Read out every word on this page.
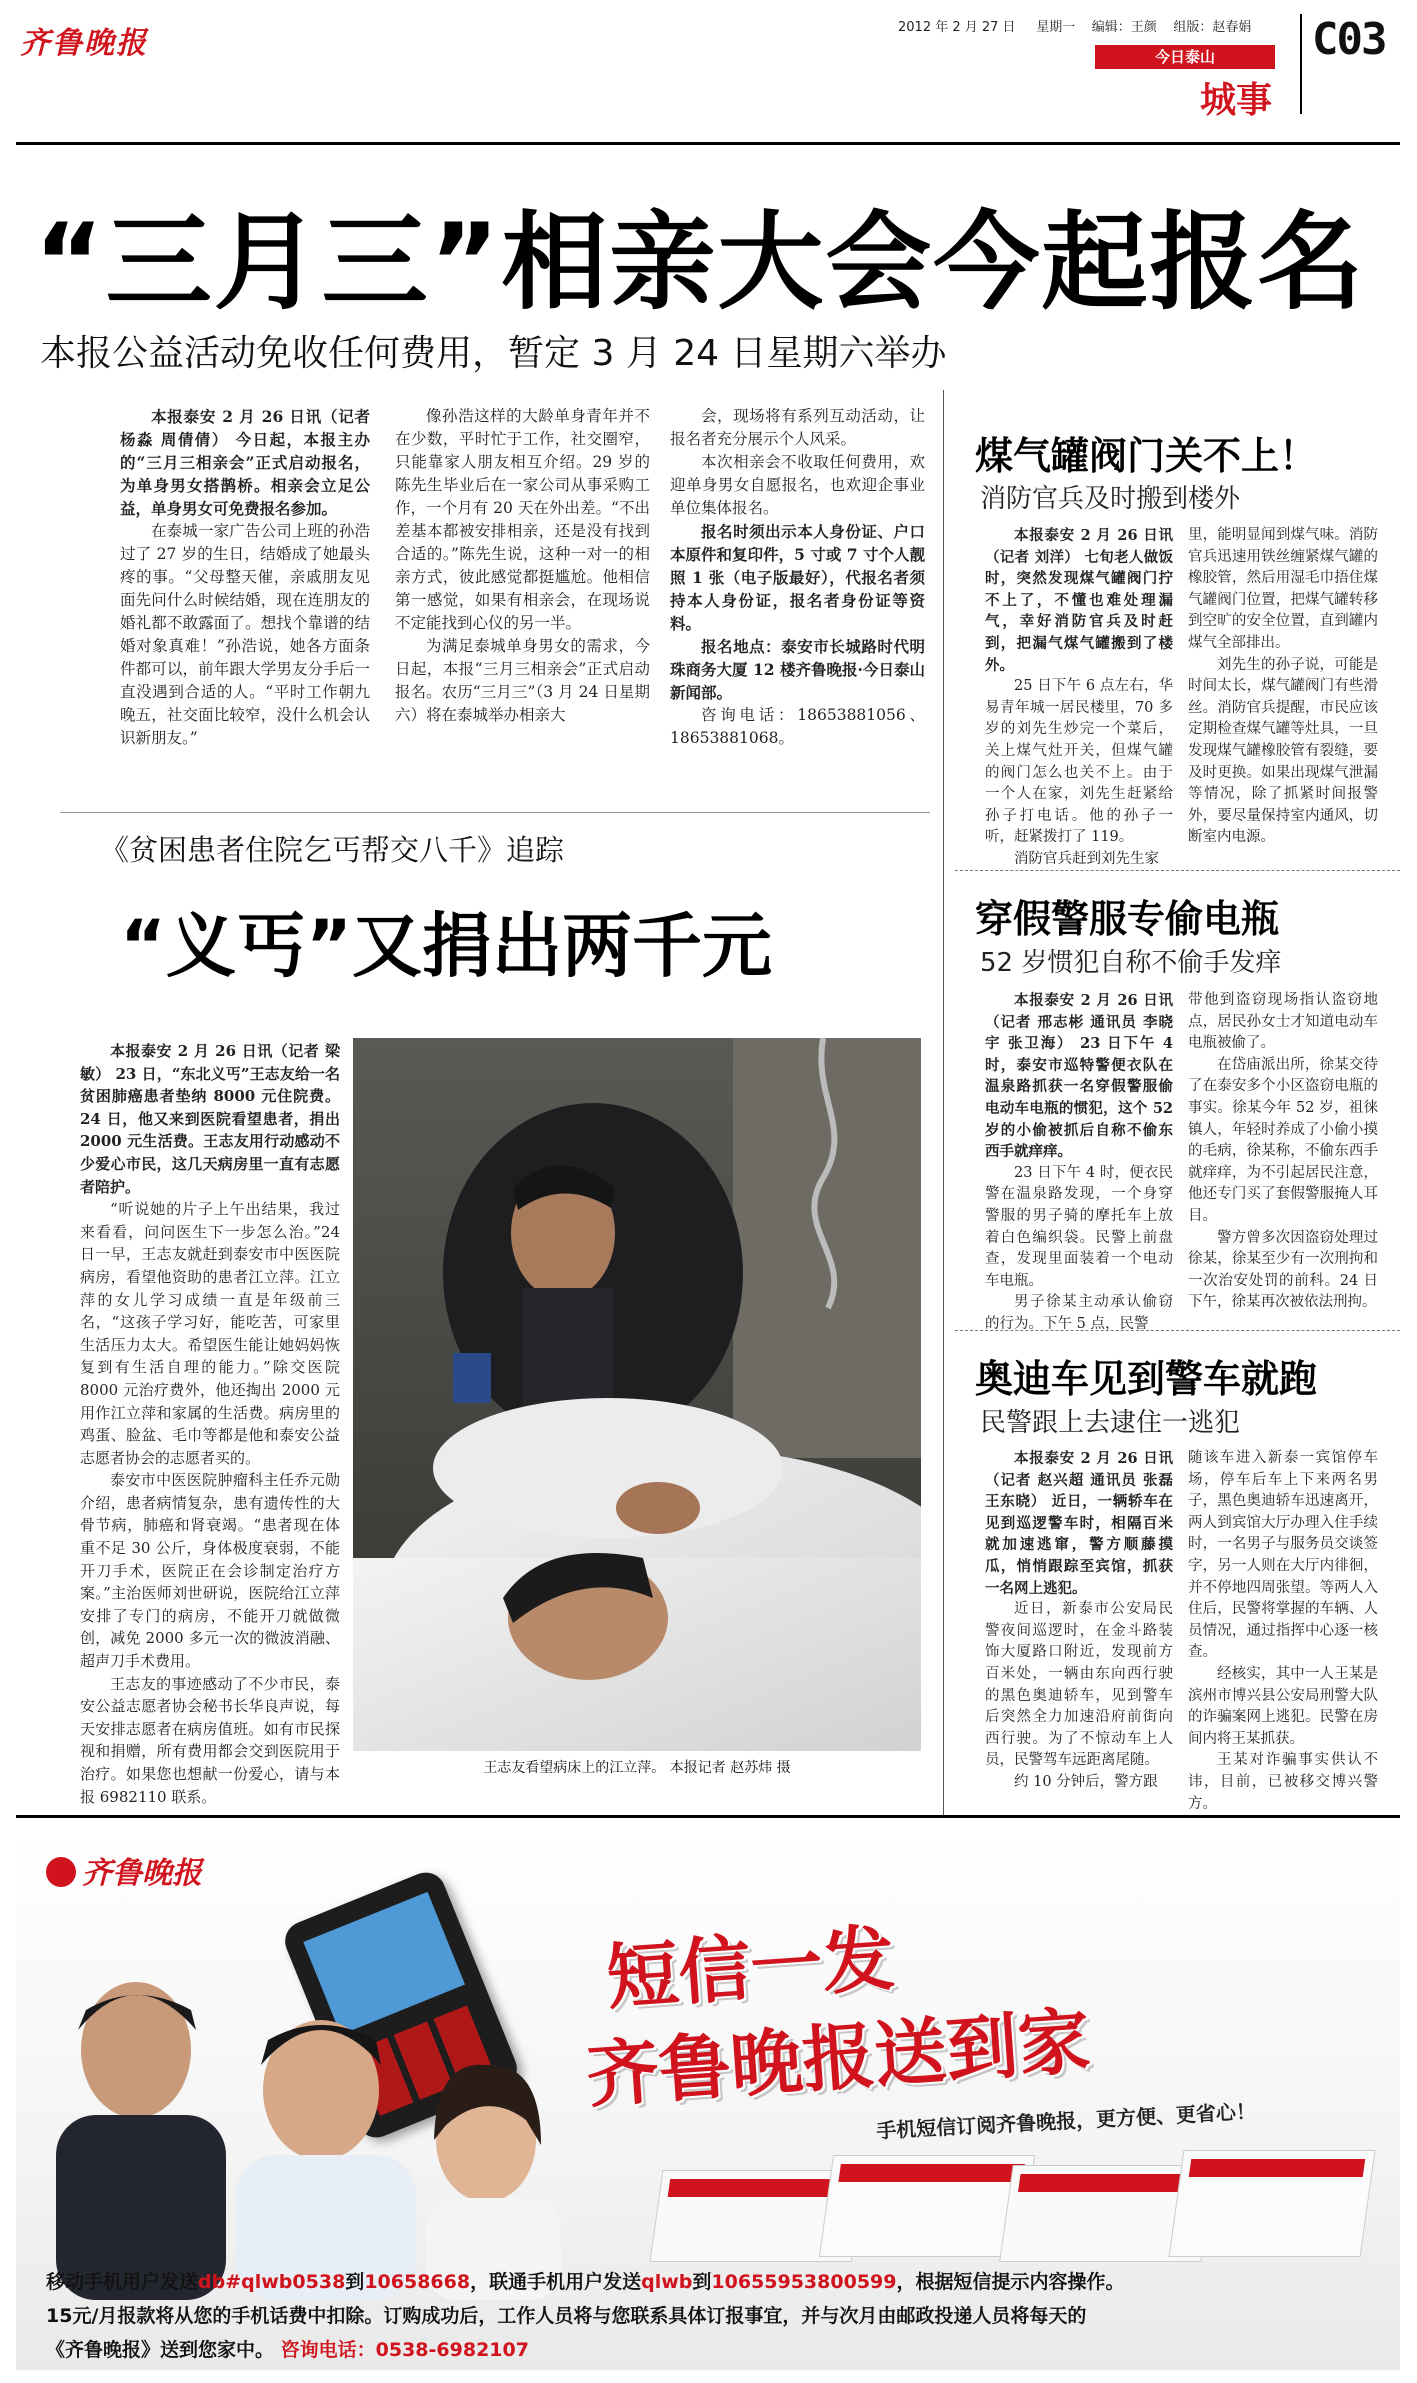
齐鲁晚报	2012 年 2 月 27 日 星期一 编辑：王颜 组版：赵春娟
今日泰山
城事
C03
“三月三”相亲大会今起报名
本报公益活动免收任何费用，暂定 3 月 24 日星期六举办

本报泰安 2 月 26 日讯（记者 杨淼 周倩倩） 今日起，本报主办的“三月三相亲会”正式启动报名，为单身男女搭鹊桥。相亲会立足公益，单身男女可免费报名参加。

在泰城一家广告公司上班的孙浩过了 27 岁的生日，结婚成了她最头疼的事。“父母整天催，亲戚朋友见面先问什么时候结婚，现在连朋友的婚礼都不敢露面了。想找个靠谱的结婚对象真难！”孙浩说，她各方面条件都可以，前年跟大学男友分手后一直没遇到合适的人。“平时工作朝九晚五，社交面比较窄，没什么机会认识新朋友。”

像孙浩这样的大龄单身青年并不在少数，平时忙于工作，社交圈窄，只能靠家人朋友相互介绍。29 岁的陈先生毕业后在一家公司从事采购工作，一个月有 20 天在外出差。“不出差基本都被安排相亲，还是没有找到合适的。”陈先生说，这种一对一的相亲方式，彼此感觉都挺尴尬。他相信第一感觉，如果有相亲会，在现场说不定能找到心仪的另一半。

为满足泰城单身男女的需求，今日起，本报“三月三相亲会”正式启动报名。农历“三月三”（3 月 24 日星期六）将在泰城举办相亲大

会，现场将有系列互动活动，让报名者充分展示个人风采。

本次相亲会不收取任何费用，欢迎单身男女自愿报名，也欢迎企事业单位集体报名。

报名时须出示本人身份证、户口本原件和复印件，5 寸或 7 寸个人靓照 1 张（电子版最好），代报名者须持本人身份证，报名者身份证等资料。

报名地点：泰安市长城路时代明珠商务大厦 12 楼齐鲁晚报·今日泰山新闻部。

咨询电话：18653881056、18653881068。

《贫困患者住院乞丐帮交八千》追踪
“义丐”又捐出两千元

本报泰安 2 月 26 日讯（记者 梁敏） 23 日，“东北义丐”王志友给一名贫困肺癌患者垫纳 8000 元住院费。24 日，他又来到医院看望患者，捐出 2000 元生活费。王志友用行动感动不少爱心市民，这几天病房里一直有志愿者陪护。

“听说她的片子上午出结果，我过来看看，问问医生下一步怎么治。”24 日一早，王志友就赶到泰安市中医医院病房，看望他资助的患者江立萍。江立萍的女儿学习成绩一直是年级前三名，“这孩子学习好，能吃苦，可家里生活压力太大。希望医生能让她妈妈恢复到有生活自理的能力。”除交医院 8000 元治疗费外，他还掏出 2000 元用作江立萍和家属的生活费。病房里的鸡蛋、脸盆、毛巾等都是他和泰安公益志愿者协会的志愿者买的。

泰安市中医医院肿瘤科主任乔元勋介绍，患者病情复杂，患有遗传性的大骨节病，肺癌和肾衰竭。“患者现在体重不足 30 公斤，身体极度衰弱，不能开刀手术，医院正在会诊制定治疗方案。”主治医师刘世研说，医院给江立萍安排了专门的病房，不能开刀就做微创，减免 2000 多元一次的微波消融、超声刀手术费用。

王志友的事迹感动了不少市民，泰安公益志愿者协会秘书长华良声说，每天安排志愿者在病房值班。如有市民探视和捐赠，所有费用都会交到医院用于治疗。如果您也想献一份爱心，请与本报 6982110 联系。

王志友看望病床上的江立萍。 本报记者 赵苏炜 摄
煤气罐阀门关不上！
消防官兵及时搬到楼外

本报泰安 2 月 26 日讯（记者 刘洋） 七旬老人做饭时，突然发现煤气罐阀门拧不上了，不懂也难处理漏气，幸好消防官兵及时赶到，把漏气煤气罐搬到了楼外。

25 日下午 6 点左右，华易青年城一居民楼里，70 多岁的刘先生炒完一个菜后，关上煤气灶开关，但煤气罐的阀门怎么也关不上。由于一个人在家，刘先生赶紧给孙子打电话。他的孙子一听，赶紧拨打了 119。

消防官兵赶到刘先生家

里，能明显闻到煤气味。消防官兵迅速用铁丝缠紧煤气罐的橡胶管，然后用湿毛巾捂住煤气罐阀门位置，把煤气罐转移到空旷的安全位置，直到罐内煤气全部排出。

刘先生的孙子说，可能是时间太长，煤气罐阀门有些滑丝。消防官兵提醒，市民应该定期检查煤气罐等灶具，一旦发现煤气罐橡胶管有裂缝，要及时更换。如果出现煤气泄漏等情况，除了抓紧时间报警外，要尽量保持室内通风，切断室内电源。

穿假警服专偷电瓶
52 岁惯犯自称不偷手发痒

本报泰安 2 月 26 日讯（记者 邢志彬 通讯员 李晓宇 张卫海） 23 日下午 4 时，泰安市巡特警便衣队在温泉路抓获一名穿假警服偷电动车电瓶的惯犯，这个 52 岁的小偷被抓后自称不偷东西手就痒痒。

23 日下午 4 时，便衣民警在温泉路发现，一个身穿警服的男子骑的摩托车上放着白色编织袋。民警上前盘查，发现里面装着一个电动车电瓶。

男子徐某主动承认偷窃的行为。下午 5 点，民警

带他到盗窃现场指认盗窃地点，居民孙女士才知道电动车电瓶被偷了。

在岱庙派出所，徐某交待了在泰安多个小区盗窃电瓶的事实。徐某今年 52 岁，祖徕镇人，年轻时养成了小偷小摸的毛病，徐某称，不偷东西手就痒痒，为不引起居民注意，他还专门买了套假警服掩人耳目。

警方曾多次因盗窃处理过徐某，徐某至少有一次刑拘和一次治安处罚的前科。24 日下午，徐某再次被依法刑拘。

奥迪车见到警车就跑
民警跟上去逮住一逃犯

本报泰安 2 月 26 日讯（记者 赵兴超 通讯员 张磊 王东晓） 近日，一辆轿车在见到巡逻警车时，相隔百米就加速逃窜，警方顺藤摸瓜，悄悄跟踪至宾馆，抓获一名网上逃犯。

近日，新泰市公安局民警夜间巡逻时，在金斗路装饰大厦路口附近，发现前方百米处，一辆由东向西行驶的黑色奥迪轿车，见到警车后突然全力加速沿府前街向西行驶。为了不惊动车上人员，民警驾车远距离尾随。

约 10 分钟后，警方跟

随该车进入新泰一宾馆停车场，停车后车上下来两名男子，黑色奥迪轿车迅速离开，两人到宾馆大厅办理入住手续时，一名男子与服务员交谈签字，另一人则在大厅内徘徊，并不停地四周张望。等两人入住后，民警将掌握的车辆、人员情况，通过指挥中心逐一核查。

经核实，其中一人王某是滨州市博兴县公安局刑警大队的诈骗案网上逃犯。民警在房间内将王某抓获。

王某对诈骗事实供认不讳，目前，已被移交博兴警方。

齐鲁晚报
短信一发
齐鲁晚报送到家
手机短信订阅齐鲁晚报，更方便、更省心！
移动手机用户发送db#qlwb0538到10658668，联通手机用户发送qlwb到10655953800599，根据短信提示内容操作。
15元/月报款将从您的手机话费中扣除。订购成功后，工作人员将与您联系具体订报事宜，并与次月由邮政投递人员将每天的
《齐鲁晚报》送到您家中。 咨询电话：0538-6982107
